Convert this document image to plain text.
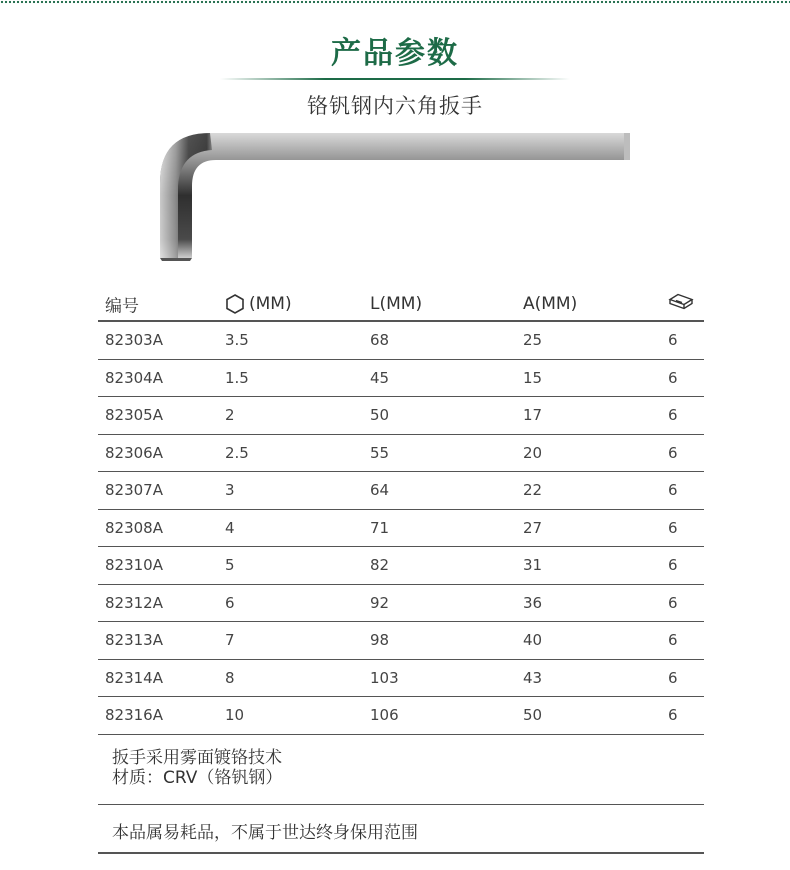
产品参数
铬钒钢内六角扳手
编号	(MM)	L(MM)	A(MM)
82303A	3.5	68	25	6
82304A	1.5	45	15	6
82305A	2	50	17	6
82306A	2.5	55	20	6
82307A	3	64	22	6
82308A	4	71	27	6
82310A	5	82	31	6
82312A	6	92	36	6
82313A	7	98	40	6
82314A	8	103	43	6
82316A	10	106	50	6
扳手采用雾面镀铬技术
材质：CRV（铬钒钢）
本品属易耗品，不属于世达终身保用范围
